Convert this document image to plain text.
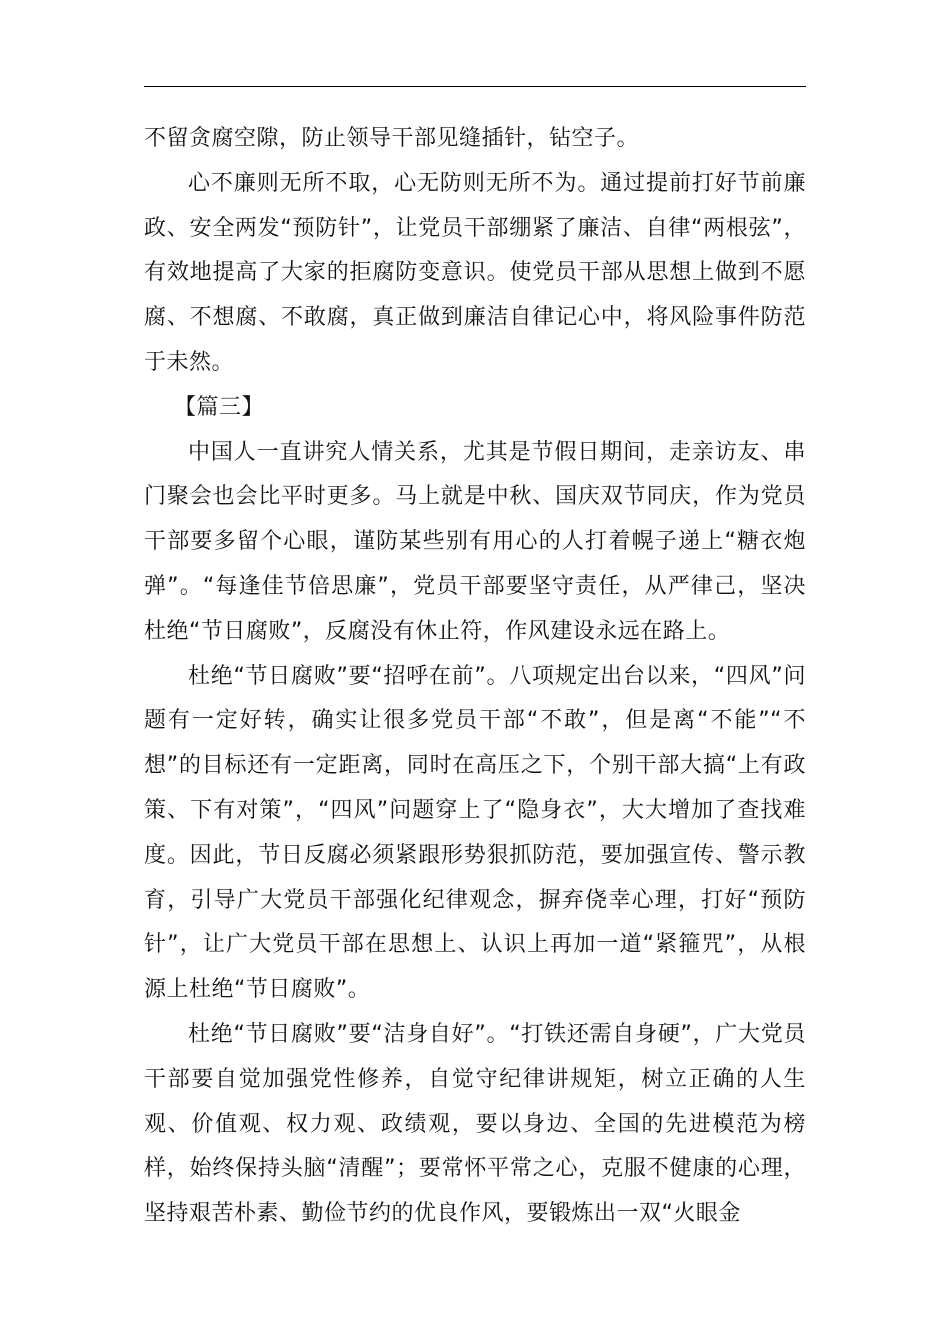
不留贪腐空隙，防止领导干部见缝插针，钻空子。

心不廉则无所不取，心无防则无所不为。通过提前打好节前廉政、安全两发“预防针”，让党员干部绷紧了廉洁、自律“两根弦”，有效地提高了大家的拒腐防变意识。使党员干部从思想上做到不愿腐、不想腐、不敢腐，真正做到廉洁自律记心中，将风险事件防范于未然。

【篇三】

中国人一直讲究人情关系，尤其是节假日期间，走亲访友、串门聚会也会比平时更多。马上就是中秋、国庆双节同庆，作为党员干部要多留个心眼，谨防某些别有用心的人打着幌子递上“糖衣炮弹”。“每逢佳节倍思廉”，党员干部要坚守责任，从严律己，坚决杜绝“节日腐败”，反腐没有休止符，作风建设永远在路上。

杜绝“节日腐败”要“招呼在前”。八项规定出台以来，“四风”问题有一定好转，确实让很多党员干部“不敢”，但是离“不能”“不想”的目标还有一定距离，同时在高压之下，个别干部大搞“上有政策、下有对策”，“四风”问题穿上了“隐身衣”，大大增加了查找难度。因此，节日反腐必须紧跟形势狠抓防范，要加强宣传、警示教育，引导广大党员干部强化纪律观念，摒弃侥幸心理，打好“预防针”，让广大党员干部在思想上、认识上再加一道“紧箍咒”，从根源上杜绝“节日腐败”。

杜绝“节日腐败”要“洁身自好”。“打铁还需自身硬”，广大党员干部要自觉加强党性修养，自觉守纪律讲规矩，树立正确的人生观、价值观、权力观、政绩观，要以身边、全国的先进模范为榜样，始终保持头脑“清醒”；要常怀平常之心，克服不健康的心理，坚持艰苦朴素、勤俭节约的优良作风，要锻炼出一双“火眼金
